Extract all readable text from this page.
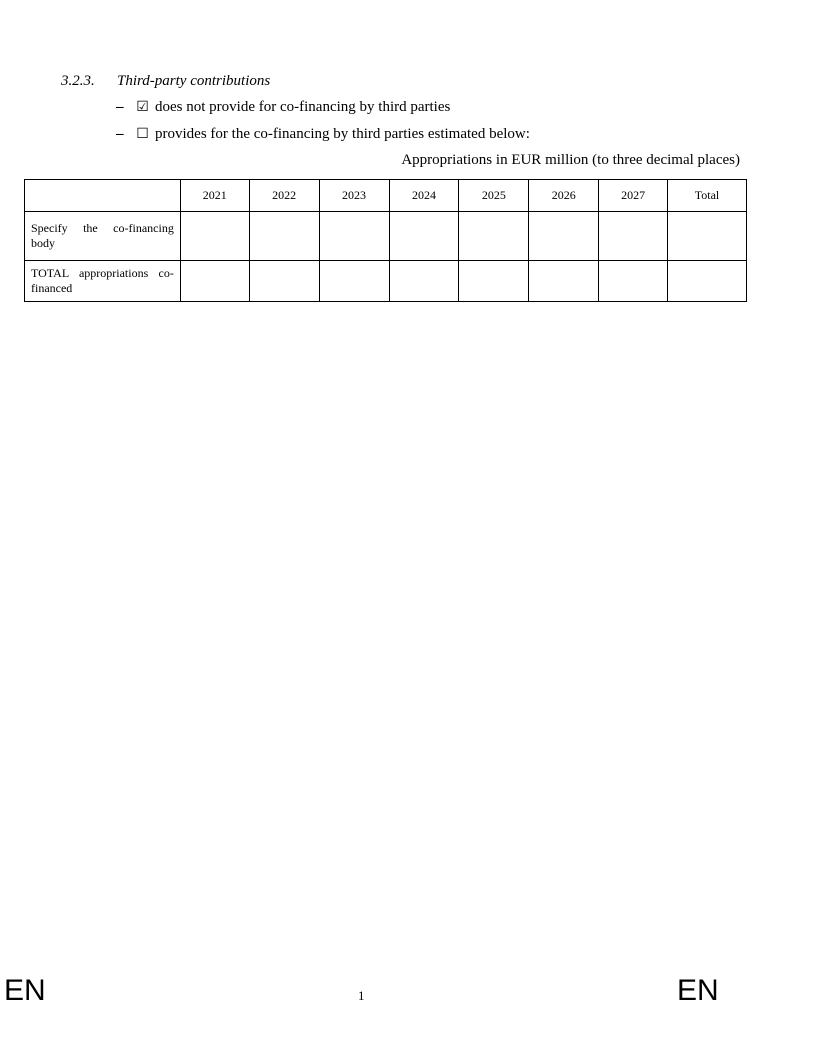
3.2.3. Third-party contributions
– ☑ does not provide for co-financing by third parties
– ☐ provides for the co-financing by third parties estimated below:
Appropriations in EUR million (to three decimal places)
	2021	2022	2023	2024	2025	2026	2027	Total
Specify the co-financing body								
TOTAL appropriations co-financed								
EN	1	EN
